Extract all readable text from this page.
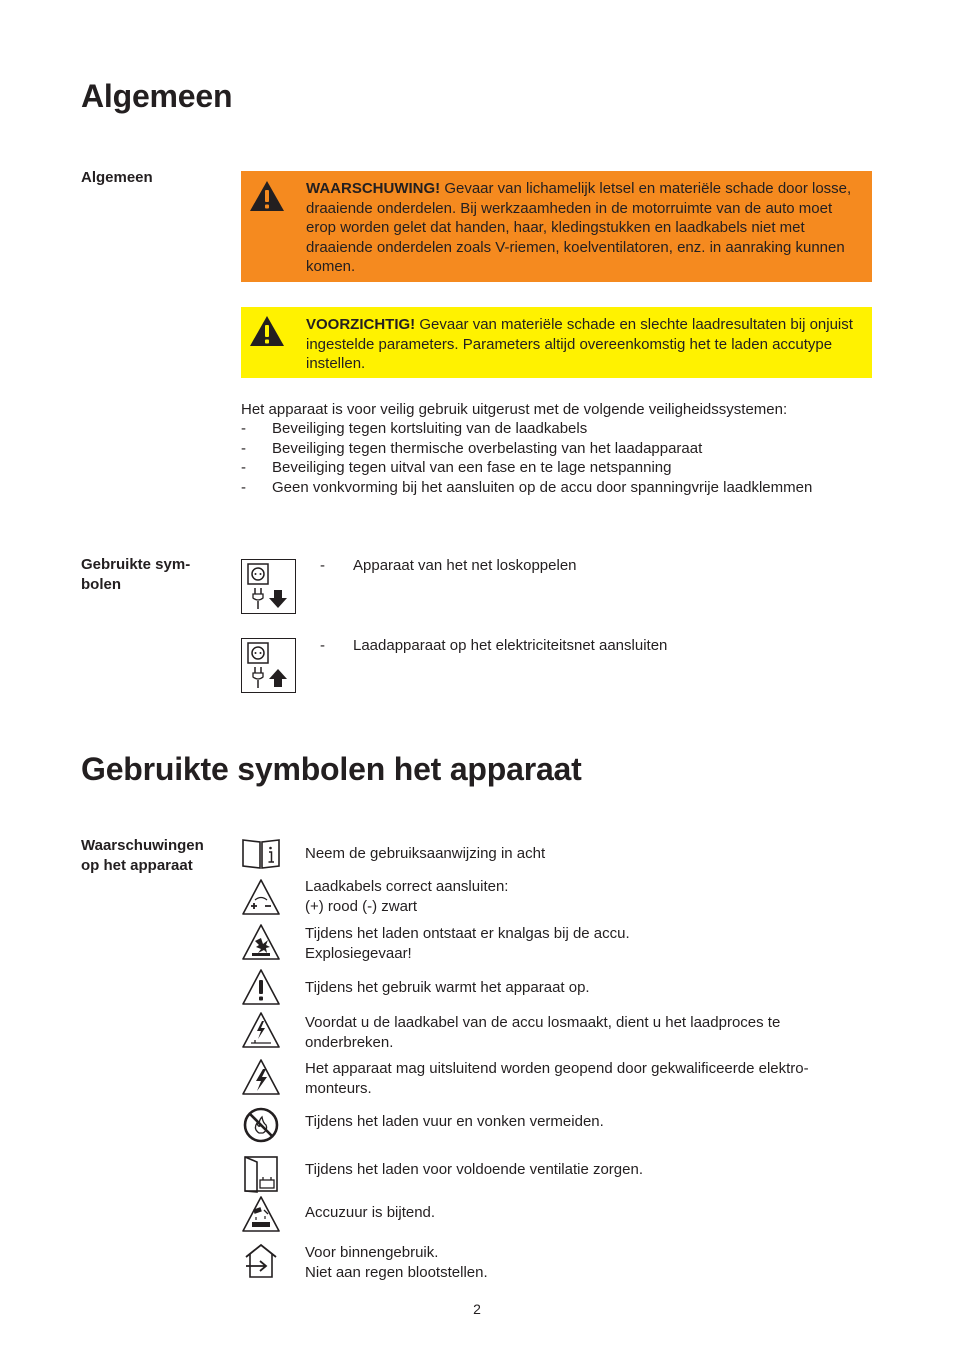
Algemeen
Algemeen
WAARSCHUWING! Gevaar van lichamelijk letsel en materiële schade door losse, draaiende onderdelen. Bij werkzaamheden in de motorruimte van de auto moet erop worden gelet dat handen, haar, kledingstukken en laadkabels niet met draaiende onderdelen zoals V-riemen, koelventilatoren, enz. in aanraking kunnen komen.
VOORZICHTIG! Gevaar van materiële schade en slechte laadresultaten bij onjuist ingestelde parameters. Parameters altijd overeenkomstig het te laden accutype instellen.
Het apparaat is voor veilig gebruik uitgerust met de volgende veiligheidssystemen:
- Beveiliging tegen kortsluiting van de laadkabels
- Beveiliging tegen thermische overbelasting van het laadapparaat
- Beveiliging tegen uitval van een fase en te lage netspanning
- Geen vonkvorming bij het aansluiten op de accu door spanningvrije laadklemmen
Gebruikte sym-
bolen
- Apparaat van het net loskoppelen
- Laadapparaat op het elektriciteitsnet aansluiten
Gebruikte symbolen het apparaat
Waarschuwingen
op het apparaat
Neem de gebruiksaanwijzing in acht
Laadkabels correct aansluiten:
(+) rood (-) zwart
Tijdens het laden ontstaat er knalgas bij de accu.
Explosiegevaar!
Tijdens het gebruik warmt het apparaat op.
Voordat u de laadkabel van de accu losmaakt, dient u het laadproces te
onderbreken.
Het apparaat mag uitsluitend worden geopend door gekwalificeerde elektro-
monteurs.
Tijdens het laden vuur en vonken vermeiden.
Tijdens het laden voor voldoende ventilatie zorgen.
Accuzuur is bijtend.
Voor binnengebruik.
Niet aan regen blootstellen.
2
